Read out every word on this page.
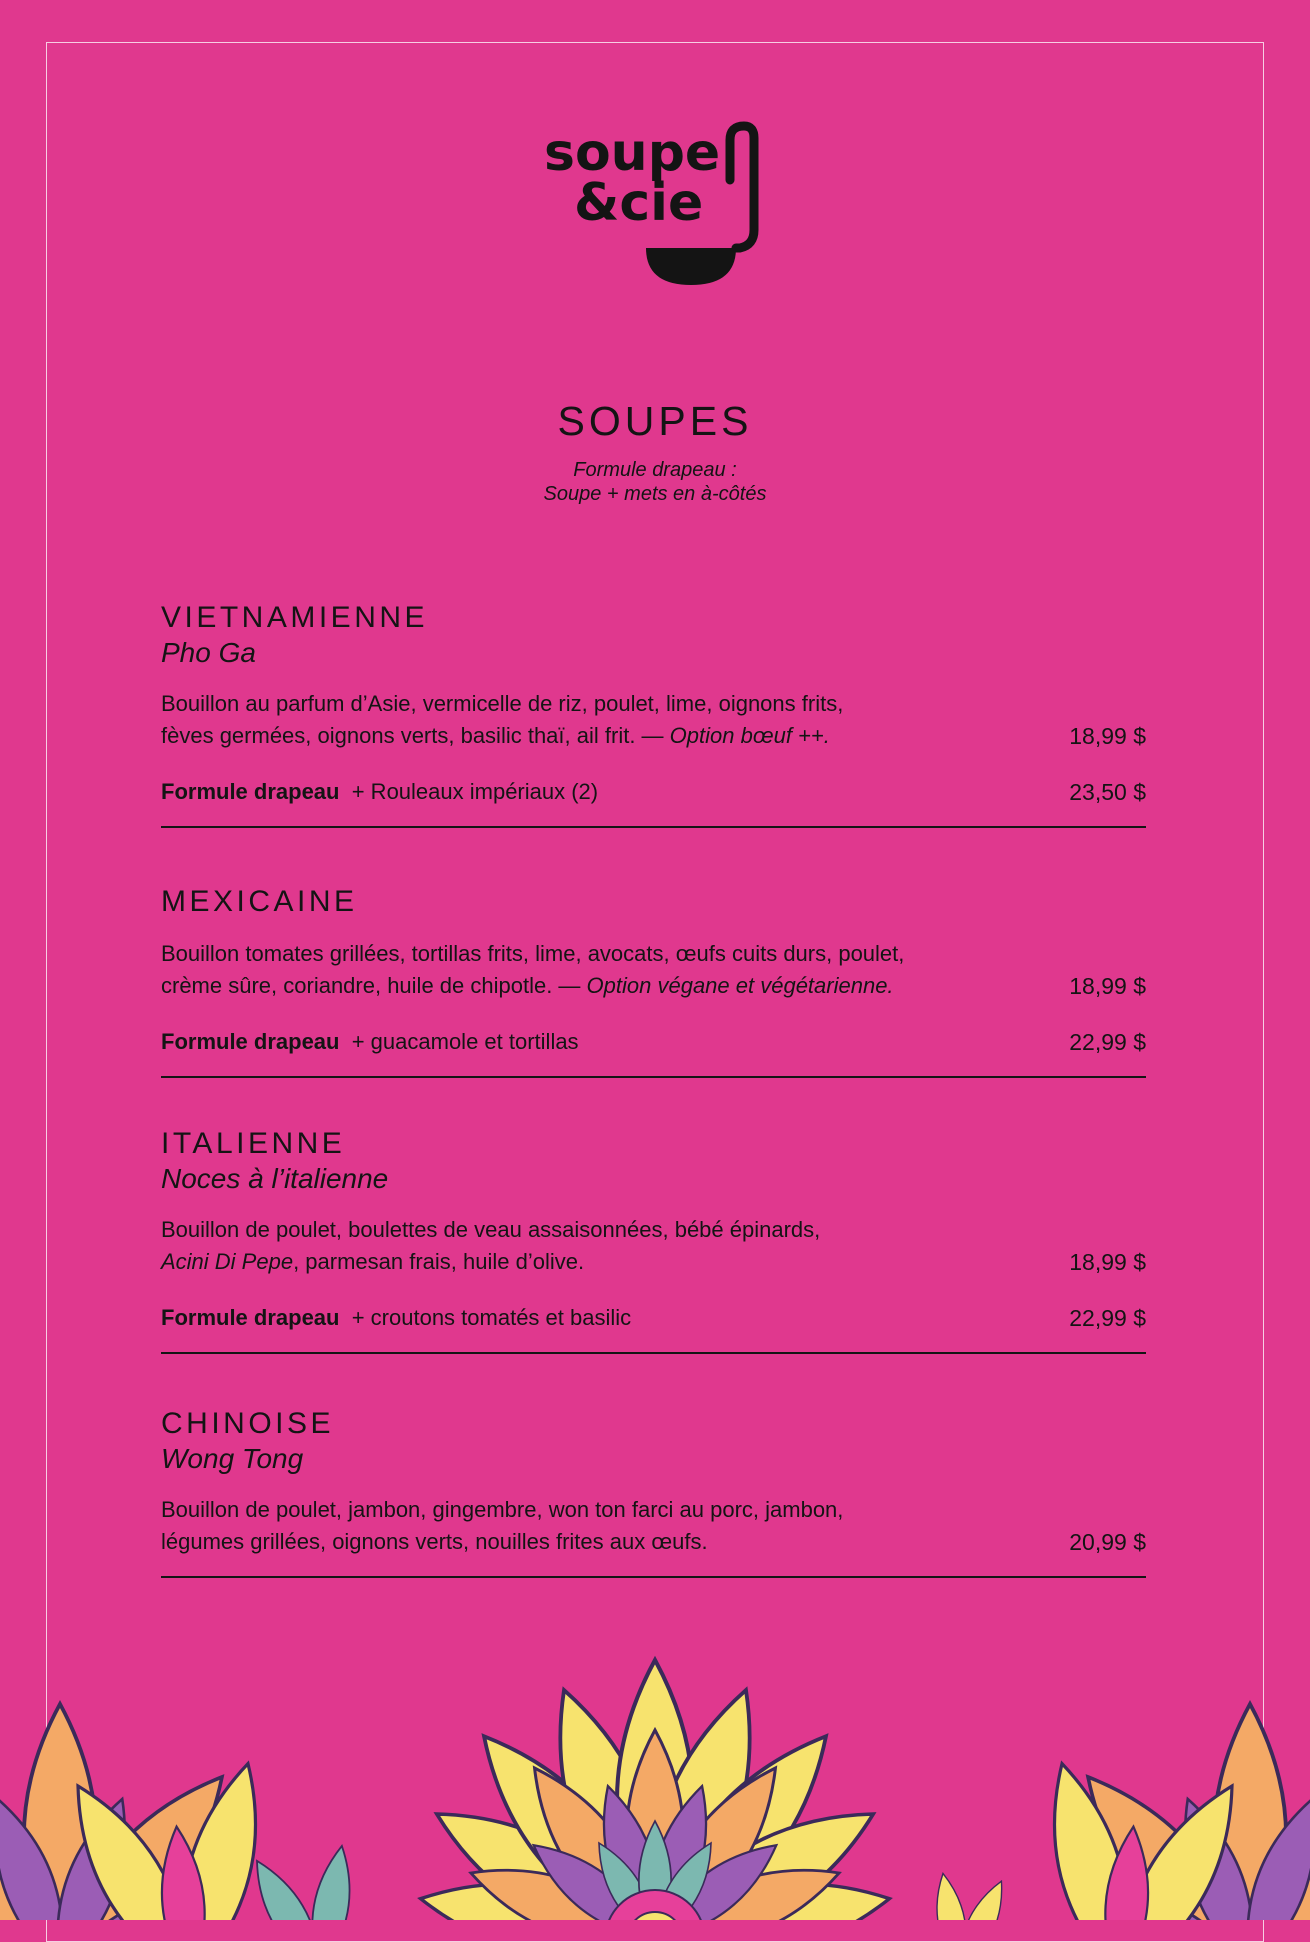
soupe
&cie
SOUPES
Formule drapeau :
Soupe + mets en à-côtés
VIETNAMIENNE
Pho Ga
Bouillon au parfum d’Asie, vermicelle de riz, poulet, lime, oignons frits,
fèves germées, oignons verts, basilic thaï, ail frit. — Option bœuf ++.	18,99 $
Formule drapeau + Rouleaux impériaux (2)	23,50 $
MEXICAINE
Bouillon tomates grillées, tortillas frits, lime, avocats, œufs cuits durs, poulet,
crème sûre, coriandre, huile de chipotle. — Option végane et végétarienne.	18,99 $
Formule drapeau + guacamole et tortillas	22,99 $
ITALIENNE
Noces à l’italienne
Bouillon de poulet, boulettes de veau assaisonnées, bébé épinards,
Acini Di Pepe, parmesan frais, huile d’olive.	18,99 $
Formule drapeau + croutons tomatés et basilic	22,99 $
CHINOISE
Wong Tong
Bouillon de poulet, jambon, gingembre, won ton farci au porc, jambon,
légumes grillées, oignons verts, nouilles frites aux œufs.	20,99 $
